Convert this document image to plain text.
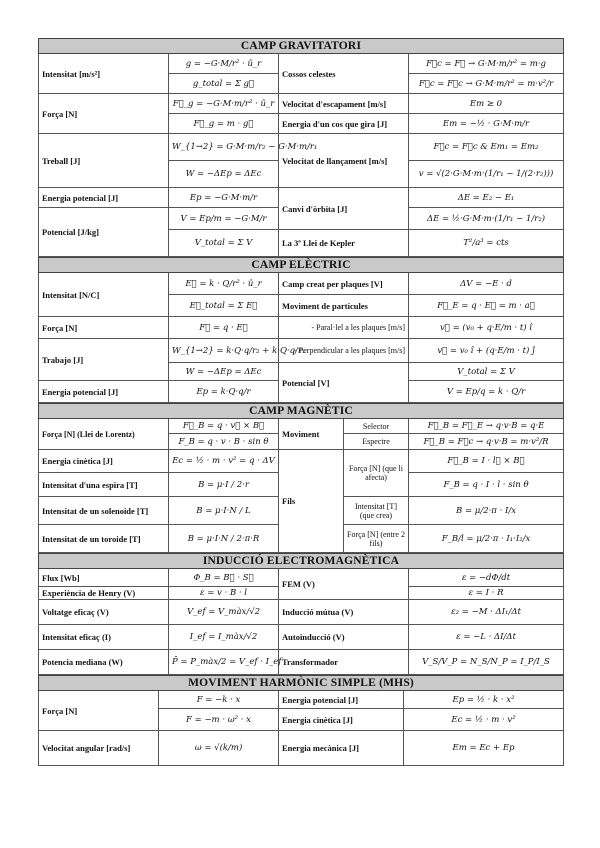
CAMP GRAVITATORI			
Intensitat [m/s²]	g = −G·M/r² · û_r	Cossos celestes	F⃗c = F⃗ → G·M·m/r² = m·g
	g_total = Σ g⃗		F⃗c = F⃗c → G·M·m/r² = m·v²/r
Força [N]	F⃗_g = −G·M·m/r² · û_r	Velocitat d'escapament [m/s]	Em ≥ 0
	F⃗_g = m · g⃗	Energia d'un cos que gira [J]	Em = −½ · G·M·m/r
Treball [J]	W_{1→2} = G·M·m/r₂ − G·M·m/r₁	Velocitat de llançament [m/s]	F⃗c = F⃗c & Em₁ = Em₂
	W = −ΔEp = ΔEc		v = √(2·G·M·m·(1/r₁ − 1/(2·r₂)))
Energia potencial [J]	Ep = −G·M·m/r	Canvi d'òrbita [J]	ΔE = E₂ − E₁
Potencial [J/kg]	V = Ep/m = −G·M/r		ΔE = ½·G·M·m·(1/r₁ − 1/r₂)
	V_total = Σ V	La 3ª Llei de Kepler	T²/a³ = cts
CAMP ELÈCTRIC			
Intensitat [N/C]	E⃗ = k · Q/r² · û_r	Camp creat per plaques [V]	ΔV = −E · d
	E⃗_total = Σ E⃗	Moviment de partícules	F⃗_E = q · E⃗ = m · a⃗
Força [N]	F⃗ = q · E⃗	- Paral·lel a les plaques [m/s]	v⃗ = (v₀ + q·E/m · t) î
Trabajo [J]	W_{1→2} = k·Q·q/r₂ + k·Q·q/r₁	- Perpendicular a les plaques [m/s]	v⃗ = v₀ î + (q·E/m · t) ĵ
	W = −ΔEp = ΔEc	Potencial [V]	V_total = Σ V
Energia potencial [J]	Ep = k·Q·q/r		V = Ep/q = k · Q/r
CAMP MAGNÈTIC				
Força [N] (Llei de Lorentz)	F⃗_B = q · v⃗ × B⃗	Moviment	Selector	F⃗_B = F⃗_E → q·v·B = q·E
	F_B = q · v · B · sin θ		Espectre	F⃗_B = F⃗c → q·v·B = m·v²/R
Energia cinètica [J]	Ec = ½ · m · v² = q · ΔV	Fils	Força [N] (que li afecta)	F⃗_B = I · l⃗ × B⃗
Intensitat d'una espira [T]	B = μ·I / 2·r			F_B = q · I · l · sin θ
Intensitat de un solenoide [T]	B = μ·I·N / L		Intensitat [T] (que crea)	B = μ/2·π · I/x
Intensitat de un toroide [T]	B = μ·I·N / 2·π·R		Força [N] (entre 2 fils)	F_B/l = μ/2·π · I₁·I₂/x
INDUCCIÓ ELECTROMAGNÈTICA			
Flux [Wb]	Φ_B = B⃗ · S⃗	FEM (V)	ε = −dΦ/dt
Experiència de Henry (V)	ε = v · B · l		ε = I · R
Voltatge eficaç (V)	V_ef = V_màx/√2	Inducció mútua (V)	ε₂ = −M · ΔI₁/Δt
Intensitat eficaç (I)	I_ef = I_màx/√2	Autoinducció (V)	ε = −L · ΔI/Δt
Potencia mediana (W)	P̄ = P_màx/2 = V_ef · I_ef	Transformador	V_S/V_P = N_S/N_P = I_P/I_S
MOVIMENT HARMÒNIC SIMPLE (MHS)			
Força [N]	F = −k · x	Energia potencial [J]	Ep = ½ · k · x²
	F = −m · ω² · x	Energia cinètica [J]	Ec = ½ · m · v²
Velocitat angular [rad/s]	ω = √(k/m)	Energia mecànica [J]	Em = Ec + Ep
